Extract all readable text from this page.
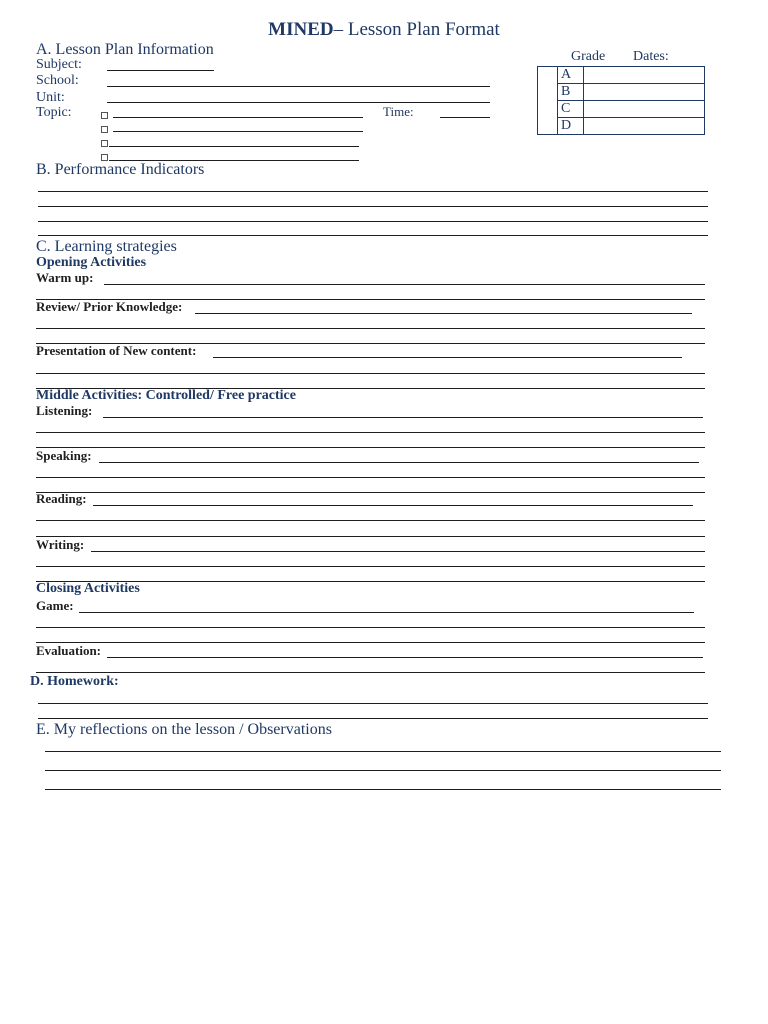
MINED– Lesson Plan Format
A. Lesson Plan Information
Subject:
School:
Unit:
Topic:	Time:
Grade Dates:
	A	
	B	
	C	
	D	
B. Performance Indicators
C. Learning strategies
Opening Activities
Warm up:
Review/ Prior Knowledge:
Presentation of New content:
Middle Activities: Controlled/ Free practice
Listening:
Speaking:
Reading:
Writing:
Closing Activities
Game:
Evaluation:
D. Homework:
E. My reflections on the lesson / Observations
